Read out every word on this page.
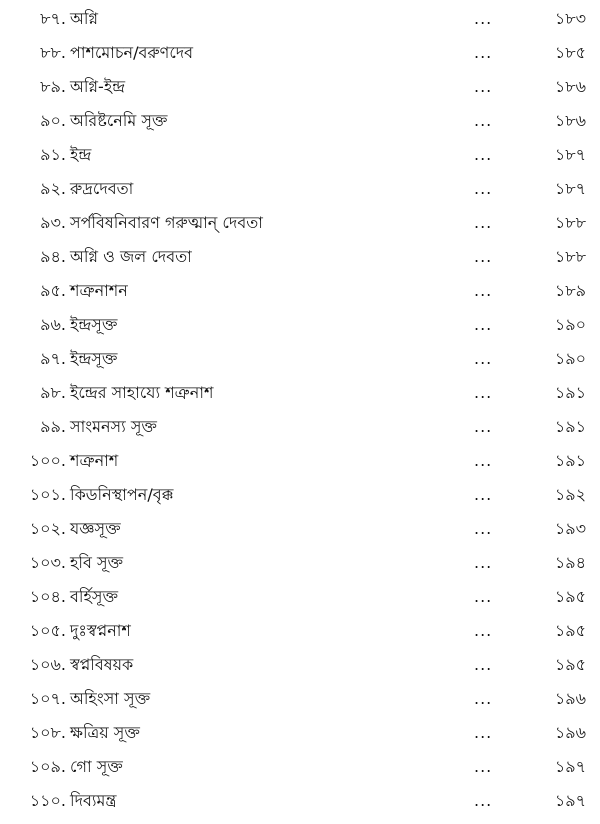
৮৭. অগ্নি	...	১৮৩
৮৮. পাশমোচন/বরুণদেব	...	১৮৫
৮৯. অগ্নি-ইন্দ্র	...	১৮৬
৯০. অরিষ্টনেমি সূক্ত	...	১৮৬
৯১. ইন্দ্র	...	১৮৭
৯২. রুদ্রদেবতা	...	১৮৭
৯৩. সর্পবিষনিবারণ গরুত্মান্ দেবতা	...	১৮৮
৯৪. অগ্নি ও জল দেবতা	...	১৮৮
৯৫. শত্রুনাশন	...	১৮৯
৯৬. ইন্দ্রসূক্ত	...	১৯০
৯৭. ইন্দ্রসূক্ত	...	১৯০
৯৮. ইন্দ্রের সাহায্যে শত্রুনাশ	...	১৯১
৯৯. সাংমনস্য সূক্ত	...	১৯১
১০০. শত্রুনাশ	...	১৯১
১০১. কিডনিস্থাপন/বৃক্ক	...	১৯২
১০২. যজ্ঞসূক্ত	...	১৯৩
১০৩. হবি সূক্ত	...	১৯৪
১০৪. বর্হিসূক্ত	...	১৯৫
১০৫. দুঃস্বপ্ননাশ	...	১৯৫
১০৬. স্বপ্নবিষয়ক	...	১৯৫
১০৭. অহিংসা সূক্ত	...	১৯৬
১০৮. ক্ষত্রিয় সূক্ত	...	১৯৬
১০৯. গো সূক্ত	...	১৯৭
১১০. দিব্যমন্ত্র	...	১৯৭
